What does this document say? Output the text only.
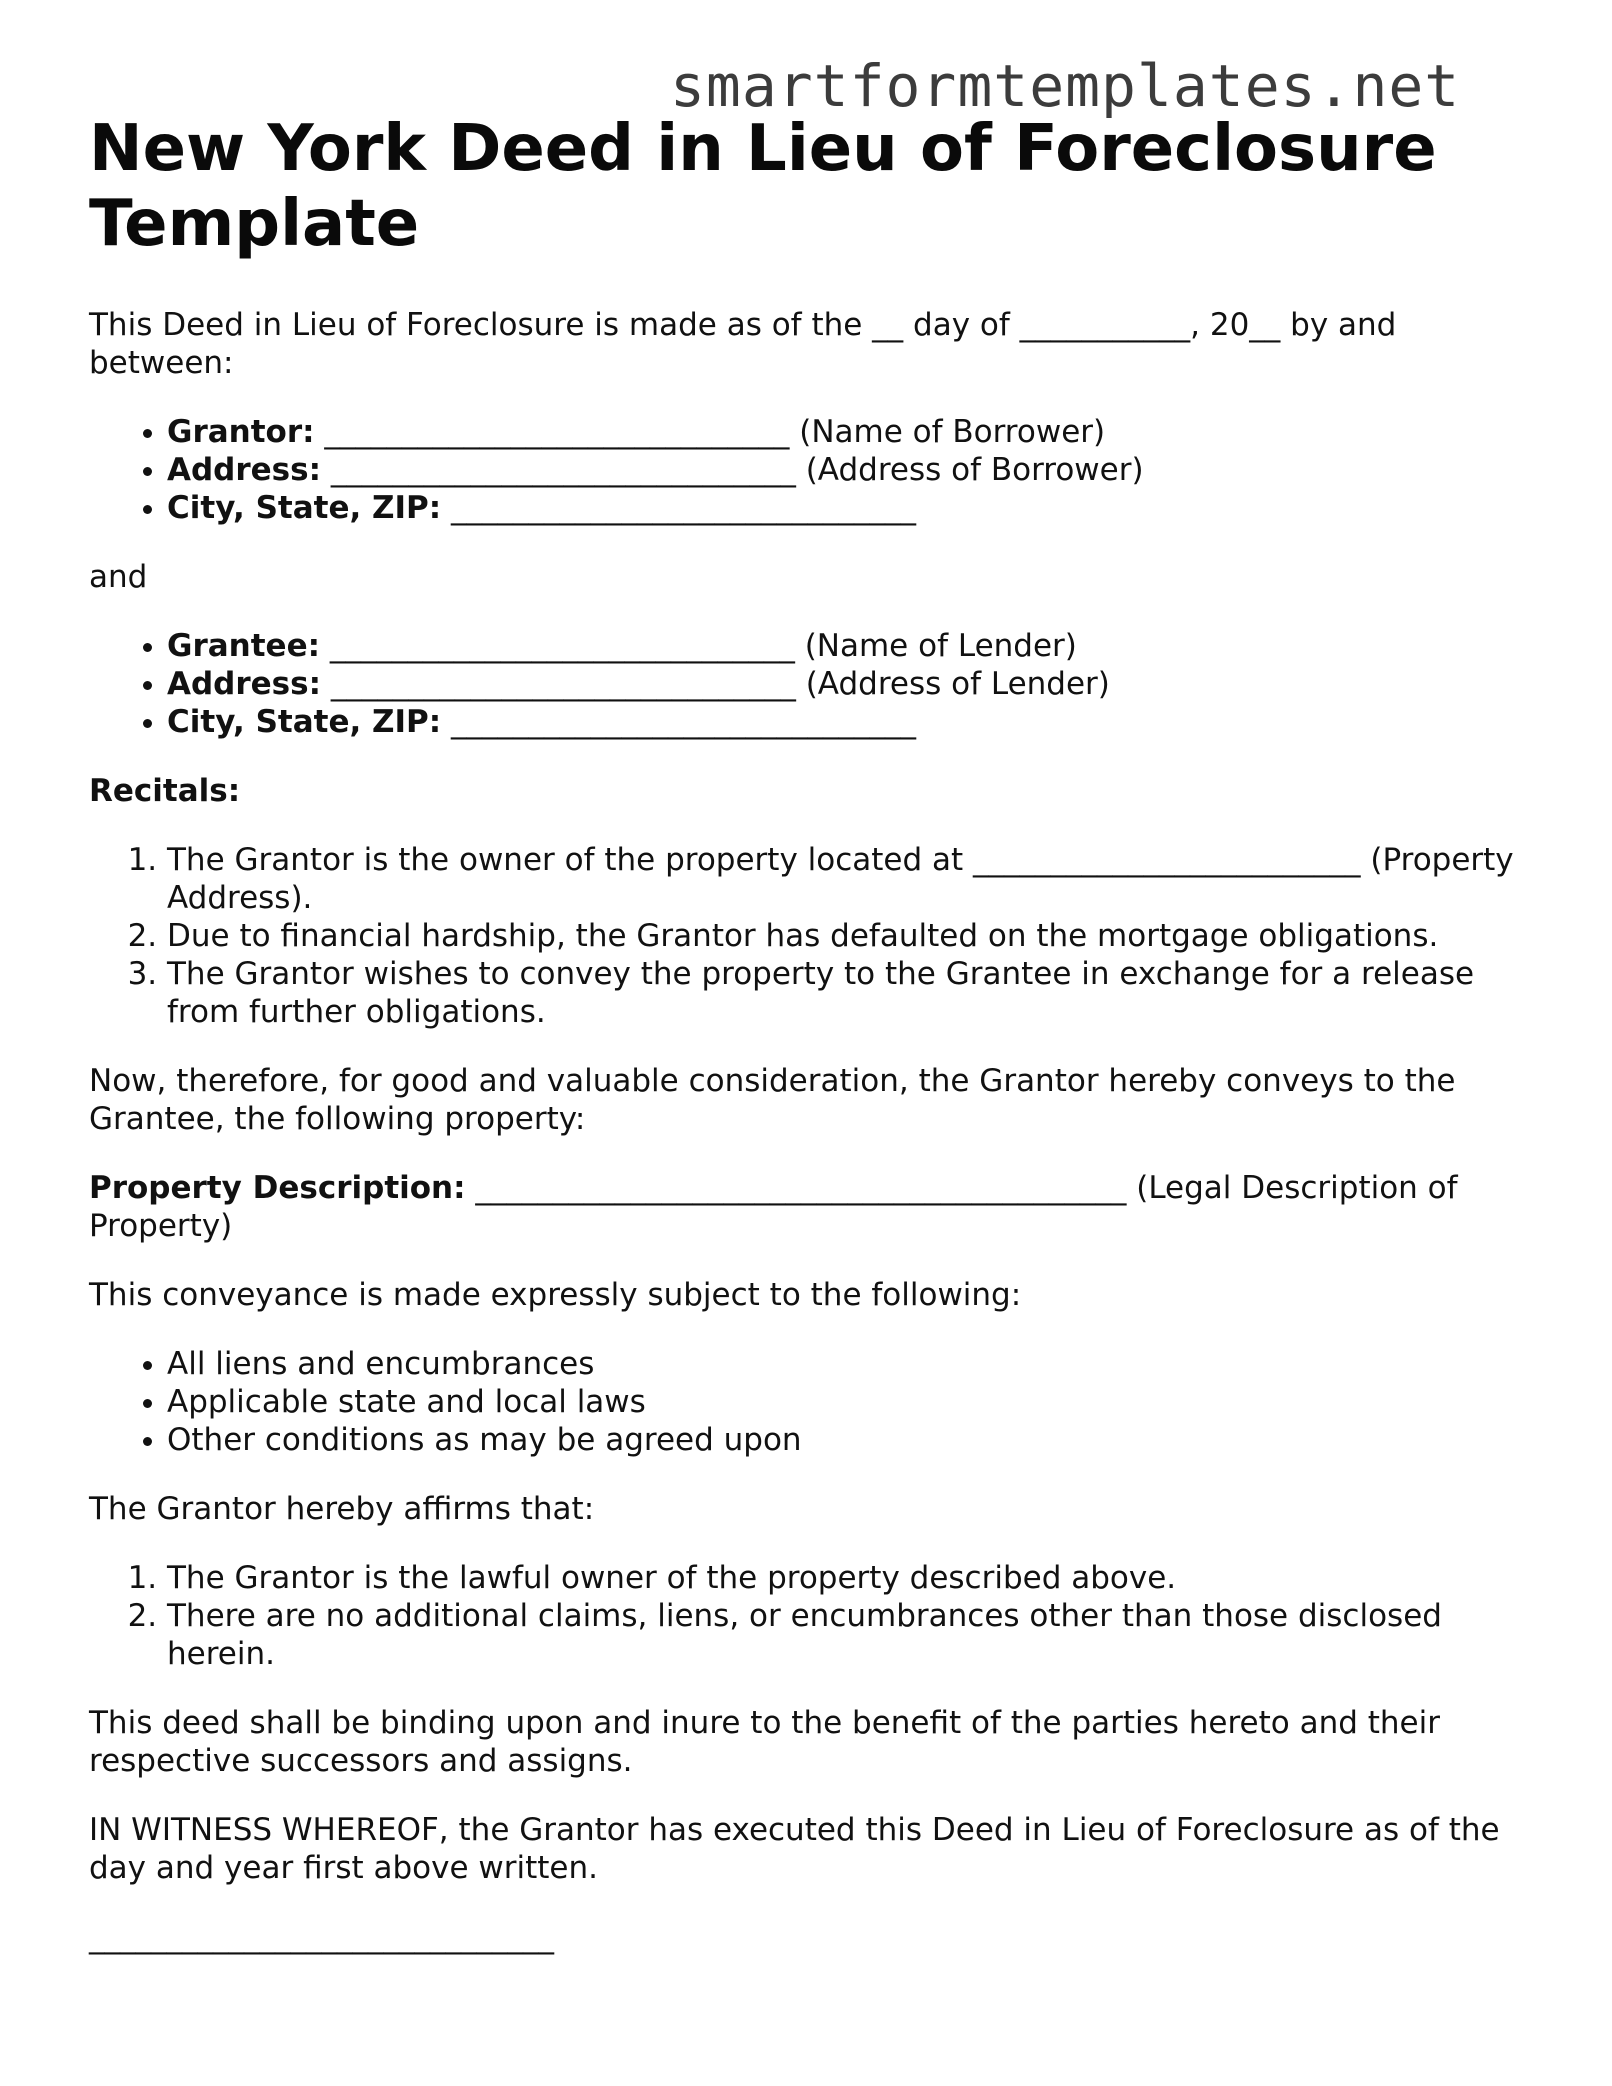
smartformtemplates.net
New York Deed in Lieu of Foreclosure Template

This Deed in Lieu of Foreclosure is made as of the __ day of ___________, 20__ by and between:

• Grantor: ______________________________ (Name of Borrower)
• Address: ______________________________ (Address of Borrower)
• City, State, ZIP: ______________________________

and

• Grantee: ______________________________ (Name of Lender)
• Address: ______________________________ (Address of Lender)
• City, State, ZIP: ______________________________

Recitals:

1. The Grantor is the owner of the property located at _________________________ (Property Address).
2. Due to financial hardship, the Grantor has defaulted on the mortgage obligations.
3. The Grantor wishes to convey the property to the Grantee in exchange for a release from further obligations.

Now, therefore, for good and valuable consideration, the Grantor hereby conveys to the Grantee, the following property:

Property Description: __________________________________________ (Legal Description of Property)

This conveyance is made expressly subject to the following:

• All liens and encumbrances
• Applicable state and local laws
• Other conditions as may be agreed upon

The Grantor hereby affirms that:

1. The Grantor is the lawful owner of the property described above.
2. There are no additional claims, liens, or encumbrances other than those disclosed herein.

This deed shall be binding upon and inure to the benefit of the parties hereto and their respective successors and assigns.

IN WITNESS WHEREOF, the Grantor has executed this Deed in Lieu of Foreclosure as of the day and year first above written.

______________________________
